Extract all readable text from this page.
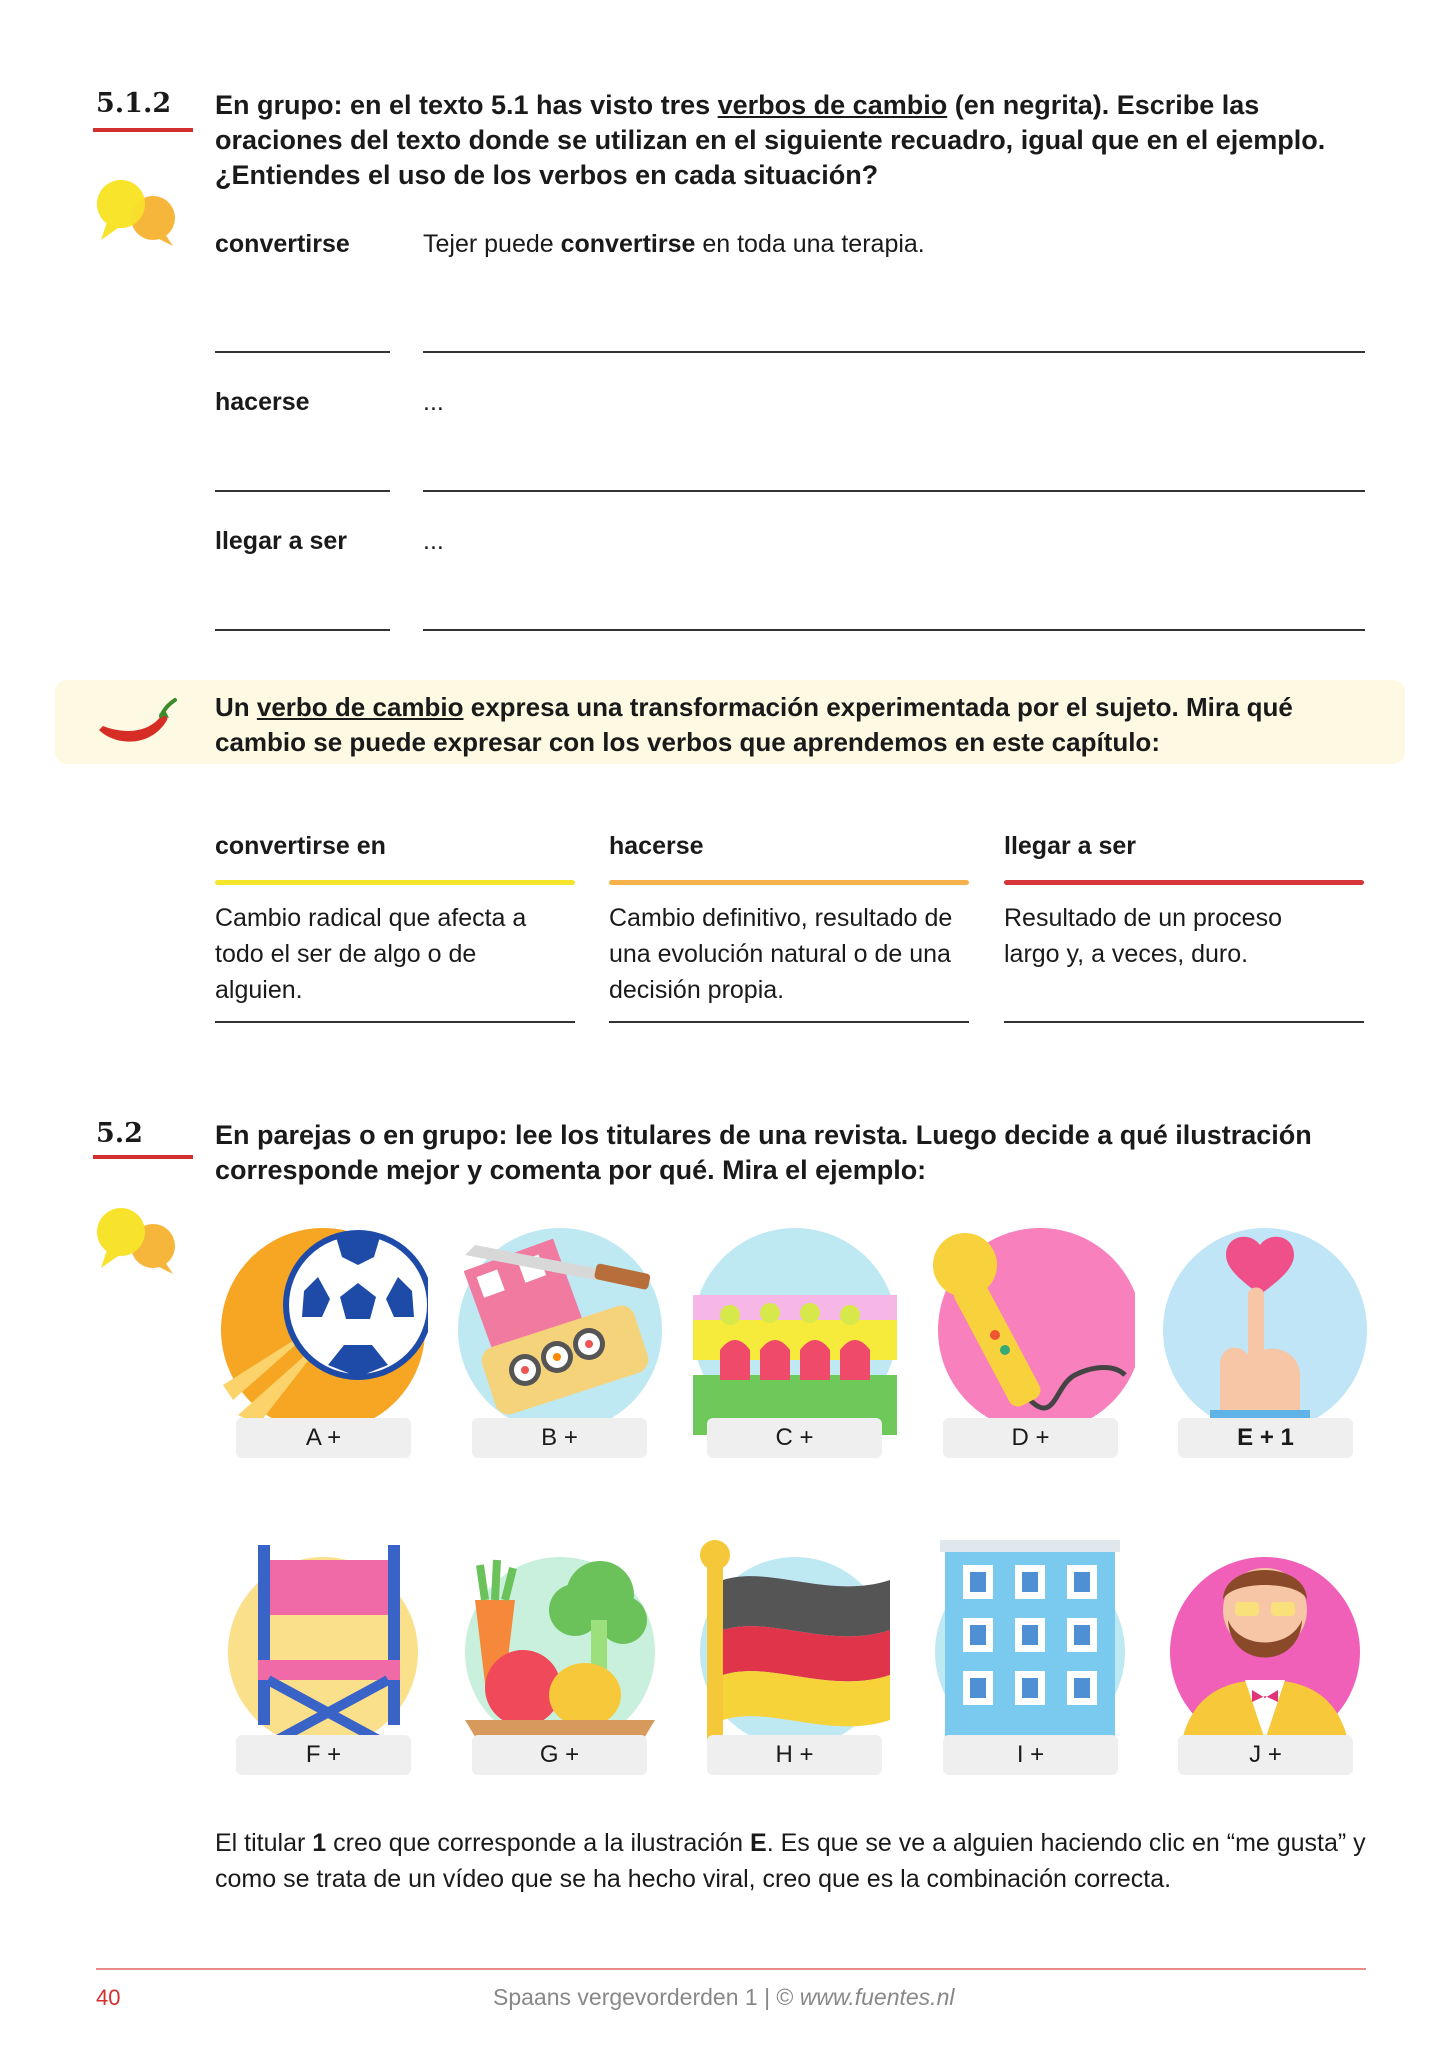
5.1.2 En grupo: en el texto 5.1 has visto tres verbos de cambio (en negrita). Escribe las oraciones del texto donde se utilizan en el siguiente recuadro, igual que en el ejemplo. ¿Entiendes el uso de los verbos en cada situación?
convertirse	Tejer puede convertirse en toda una terapia.
hacerse	...
llegar a ser	...
Un verbo de cambio expresa una transformación experimentada por el sujeto. Mira qué cambio se puede expresar con los verbos que aprendemos en este capítulo:
convertirse en
Cambio radical que afecta a todo el ser de algo o de alguien.
hacerse
Cambio definitivo, resultado de una evolución natural o de una decisión propia.
llegar a ser
Resultado de un proceso largo y, a veces, duro.
5.2	En parejas o en grupo: lee los titulares de una revista. Luego decide a qué ilustración corresponde mejor y comenta por qué. Mira el ejemplo:
A +	B +	C +	D +	E + 1
F +	G +	H +	I +	J +
El titular 1 creo que corresponde a la ilustración E. Es que se ve a alguien haciendo clic en “me gusta” y como se trata de un vídeo que se ha hecho viral, creo que es la combinación correcta.
40	Spaans vergevorderden 1 | © www.fuentes.nl
